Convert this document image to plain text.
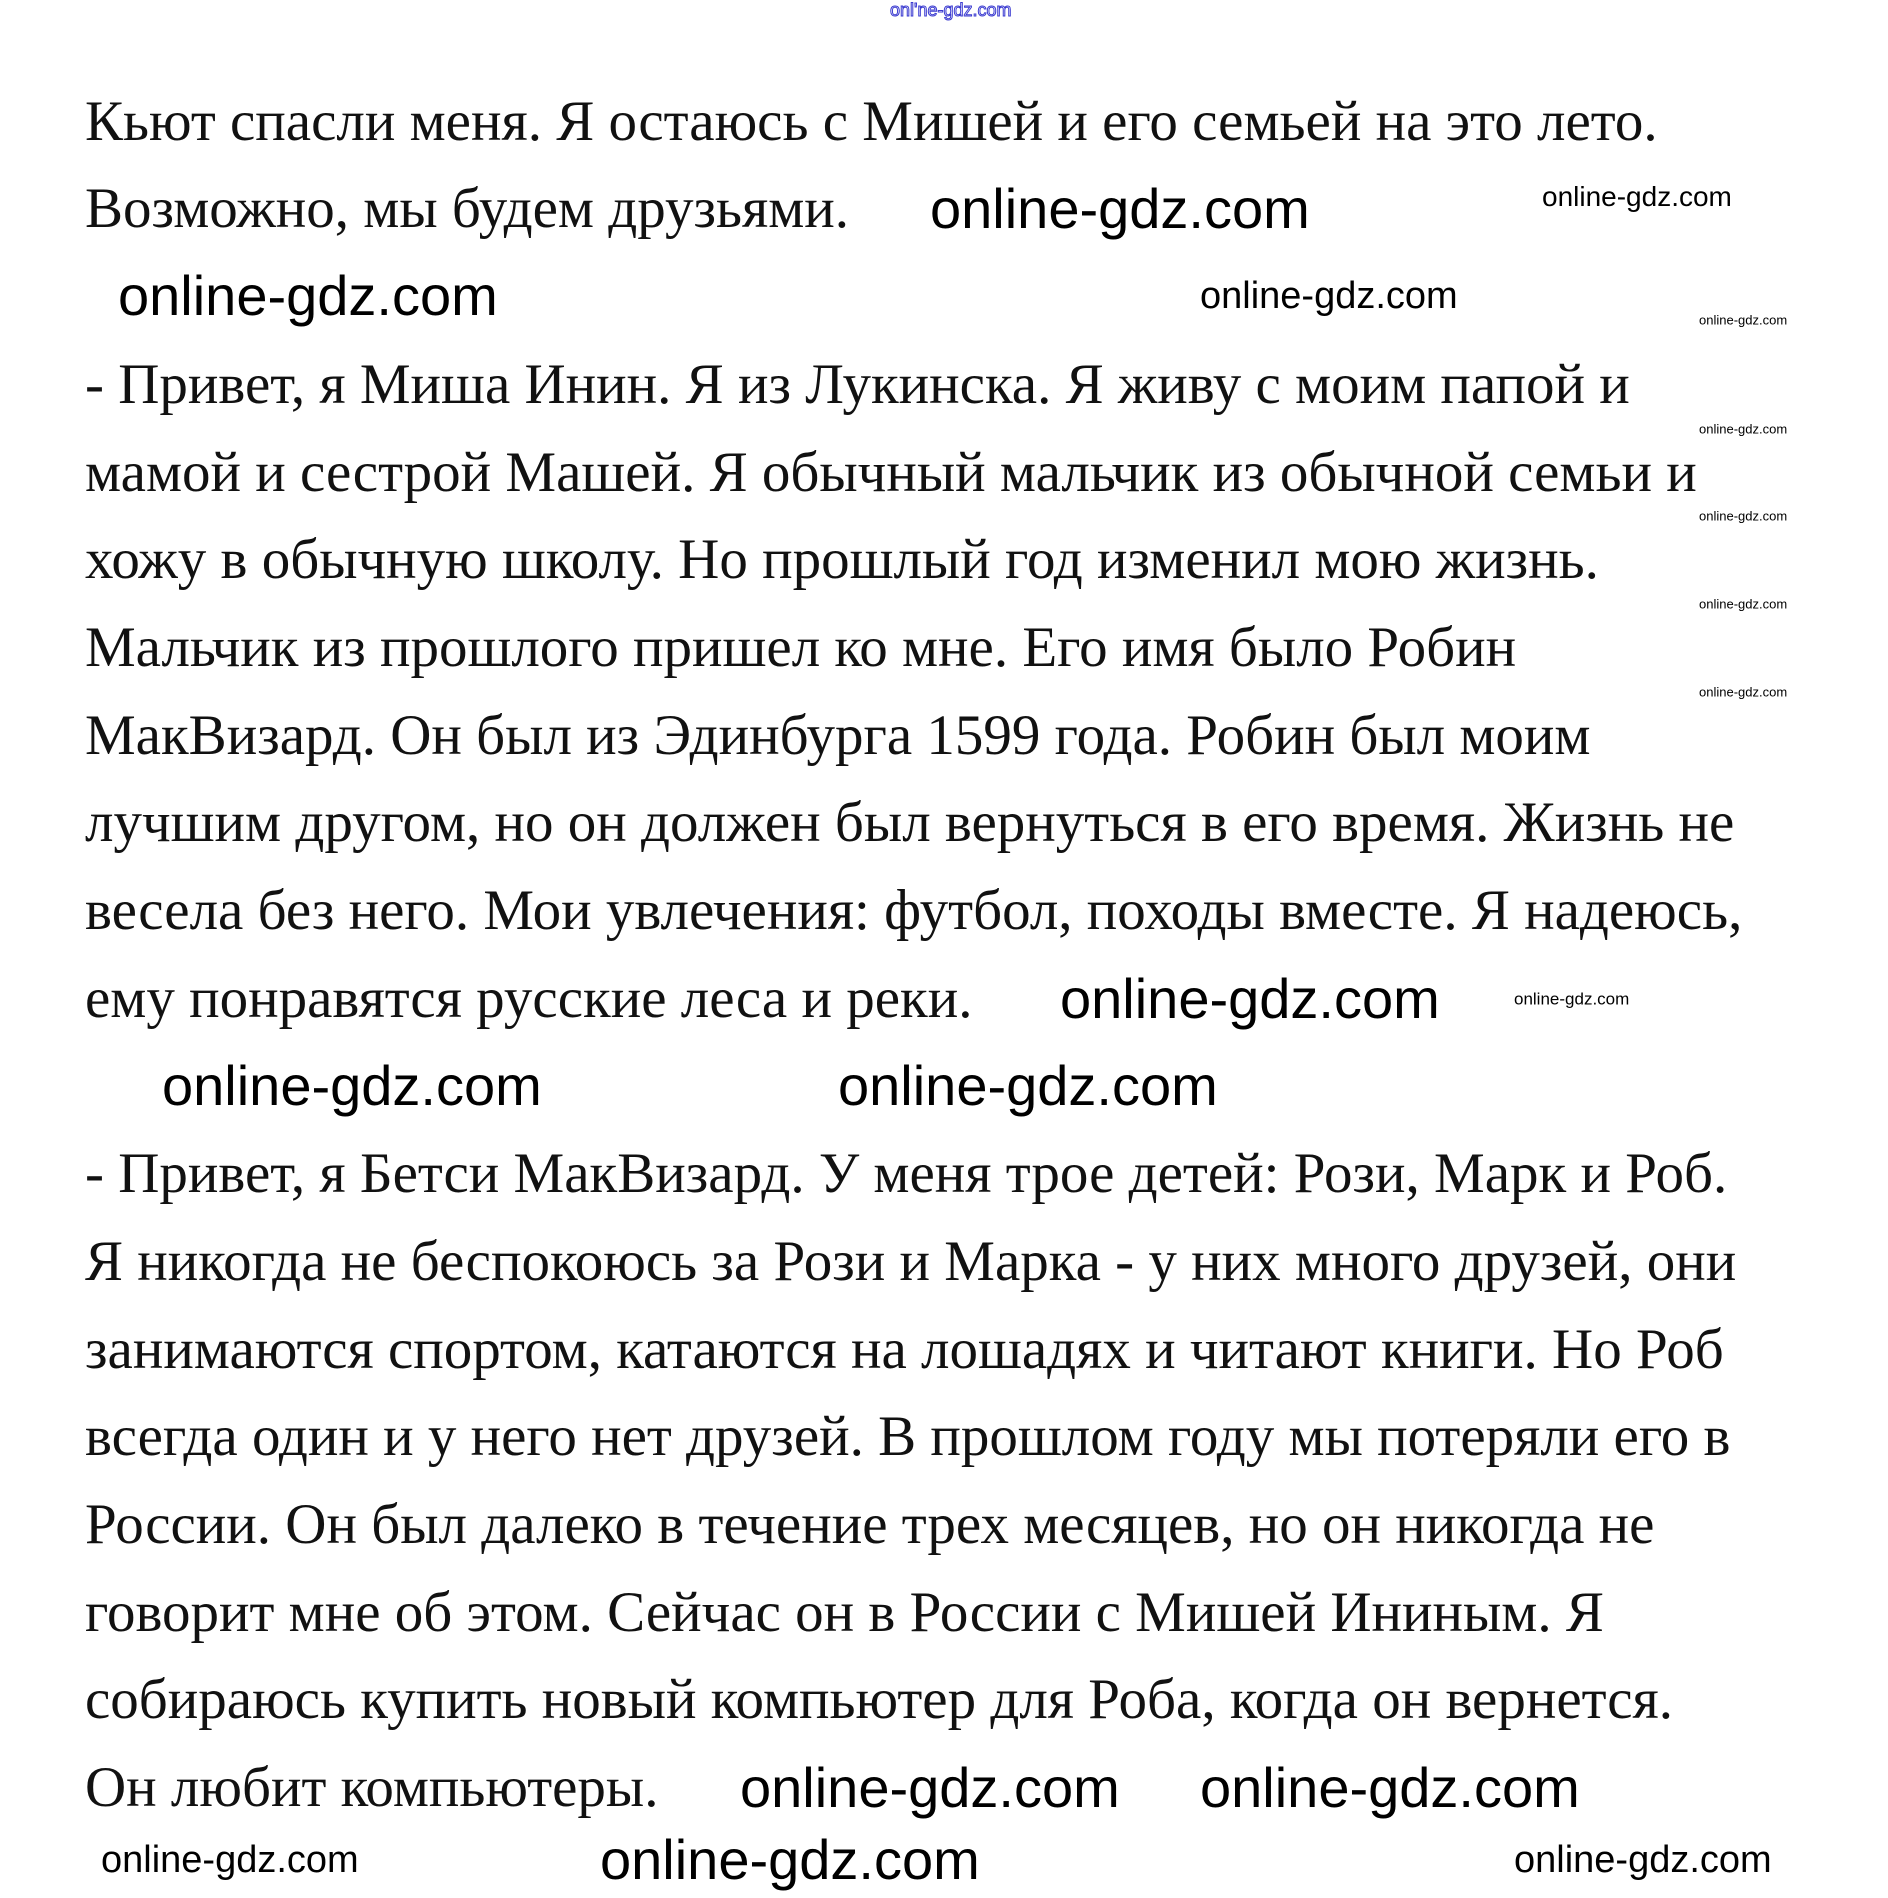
onl'ne-gdz.com
Кьют спасли меня. Я остаюсь с Мишей и его семьей на это лето.
Возможно, мы будем друзьями.
- Привет, я Миша Инин. Я из Лукинска. Я живу с моим папой и
мамой и сестрой Машей. Я обычный мальчик из обычной семьи и
хожу в обычную школу. Но прошлый год изменил мою жизнь.
Мальчик из прошлого пришел ко мне. Его имя было Робин
МакВизард. Он был из Эдинбурга 1599 года. Робин был моим
лучшим другом, но он должен был вернуться в его время. Жизнь не
весела без него. Мои увлечения: футбол, походы вместе. Я надеюсь,
ему понравятся русские леса и реки.
- Привет, я Бетси МакВизард. У меня трое детей: Рози, Марк и Роб.
Я никогда не беспокоюсь за Рози и Марка - у них много друзей, они
занимаются спортом, катаются на лошадях и читают книги. Но Роб
всегда один и у него нет друзей. В прошлом году мы потеряли его в
России. Он был далеко в течение трех месяцев, но он никогда не
говорит мне об этом. Сейчас он в России с Мишей Ининым. Я
собираюсь купить новый компьютер для Роба, когда он вернется.
Он любит компьютеры.
online-gdz.com	online-gdz.com
online-gdz.com	online-gdz.com
online-gdz.com
online-gdz.com
online-gdz.com
online-gdz.com
online-gdz.com
online-gdz.com
online-gdz.com
online-gdz.com
online-gdz.com
online-gdz.com
online-gdz.com
online-gdz.com
online-gdz.com online-gdz.com
